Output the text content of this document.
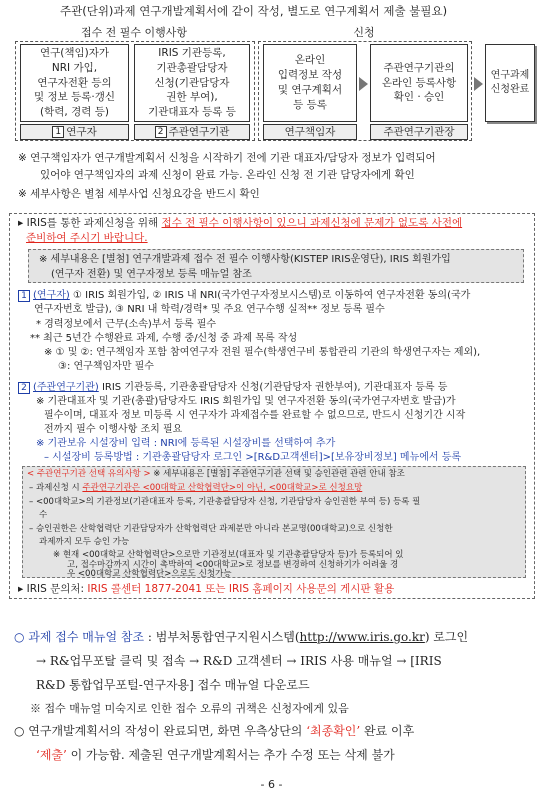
주관(단위)과제 연구개발계획서에 같이 작성, 별도로 연구계획서 제출 불필요)
접수 전 필수 이행사항	신청
연구(책임)자가
NRI 가입,
연구자전환 등의
및 정보 등록·갱신
(학력, 경력 등)
1 연구자
IRIS 기관등록,
기관총괄담당자
신청(기관담당자
권한 부여),
기관대표자 등록 등
2 주관연구기관
온라인
입력정보 작성
및 연구계획서
등 등록
연구책임자
주관연구기관의
온라인 등록사항
확인 · 승인
주관연구기관장
연구과제
신청완료
※ 연구책임자가 연구개발계획서 신청을 시작하기 전에 기관 대표자/담당자 정보가 입력되어
있어야 연구책임자의 과제 신청이 완료 가능. 온라인 신청 전 기관 담당자에게 확인
※ 세부사항은 별첨 세부사업 신청요강을 반드시 확인
▸ IRIS를 통한 과제신청을 위해 접수 전 필수 이행사항이 있으니 과제신청에 문제가 없도록 사전에
준비하여 주시기 바랍니다.
※ 세부내용은 [별첨] 연구개발과제 접수 전 필수 이행사항(KISTEP IRIS운영단), IRIS 회원가입
(연구자 전환) 및 연구자정보 등록 매뉴얼 참조
1 (연구자) ① IRIS 회원가입, ② IRIS 내 NRI(국가연구자정보시스템)로 이동하여 연구자전환 동의(국가
연구자번호 발급), ③ NRI 내 학력/경력* 및 주요 연구수행 실적** 정보 등록 필수
* 경력정보에서 근무(소속)부서 등록 필수
** 최근 5년간 수행완료 과제, 수행 중/신청 중 과제 목록 작성
※ ① 및 ②: 연구책임자 포함 참여연구자 전원 필수(학생연구비 통합관리 기관의 학생연구자는 제외),
③: 연구책임자만 필수
2 (주관연구기관) IRIS 기관등록, 기관총괄담당자 신청(기관담당자 권한부여), 기관대표자 등록 등
※ 기관대표자 및 기관(총괄)담당자도 IRIS 회원가입 및 연구자전환 동의(국가연구자번호 발급)가
필수이며, 대표자 정보 미등록 시 연구자가 과제접수를 완료할 수 없으므로, 반드시 신청기간 시작
전까지 필수 이행사항 조치 필요
※ 기관보유 시설장비 입력 : NRI에 등록된 시설장비를 선택하여 추가
– 시설장비 등록방법 : 기관총괄담당자 로그인 >[R&D고객센터]>[보유장비정보] 메뉴에서 등록
< 주관연구기관 선택 유의사항 > ※ 세부내용은 [별첨] 주관연구기관 선택 및 승인관련 관련 안내 참조
– 과제신청 시 주관연구기관은 <00대학교 산학협력단>이 아닌, <00대학교>로 신청요망
– <00대학교>의 기관정보(기관대표자 등록, 기관총괄담당자 신청, 기관담당자 승인권한 부여 등) 등록 필
수
– 승인권한은 산학협력단 기관담당자가 산학협력단 과제분만 아니라 본교명(00대학교)으로 신청한
과제까지 모두 승인 가능
※ 현재 <00대학교 산학협력단>으로만 기관정보(대표자 및 기관총괄담당자 등)가 등록되어 있
고, 접수마감까지 시간이 촉박하여 <00대학교>로 정보를 변경하여 신청하기가 어려울 경
우 <00대학교 산학협력단>으로도 신청가능
▸ IRIS 문의처: IRIS 콜센터 1877-2041 또는 IRIS 홈페이지 사용문의 게시판 활용
○ 과제 접수 매뉴얼 참조 : 범부처통합연구지원시스템(http://www.iris.go.kr) 로그인
→ R&업무포탈 클릭 및 접속 → R&D 고객센터 → IRIS 사용 매뉴얼 → [IRIS
R&D 통합업무포털-연구자용] 접수 매뉴얼 다운로드
※ 접수 매뉴얼 미숙지로 인한 접수 오류의 귀책은 신청자에게 있음
○ 연구개발계획서의 작성이 완료되면, 화면 우측상단의 ‘최종확인’ 완료 이후
‘제출’ 이 가능함. 제출된 연구개발계획서는 추가 수정 또는 삭제 불가
- 6 -
